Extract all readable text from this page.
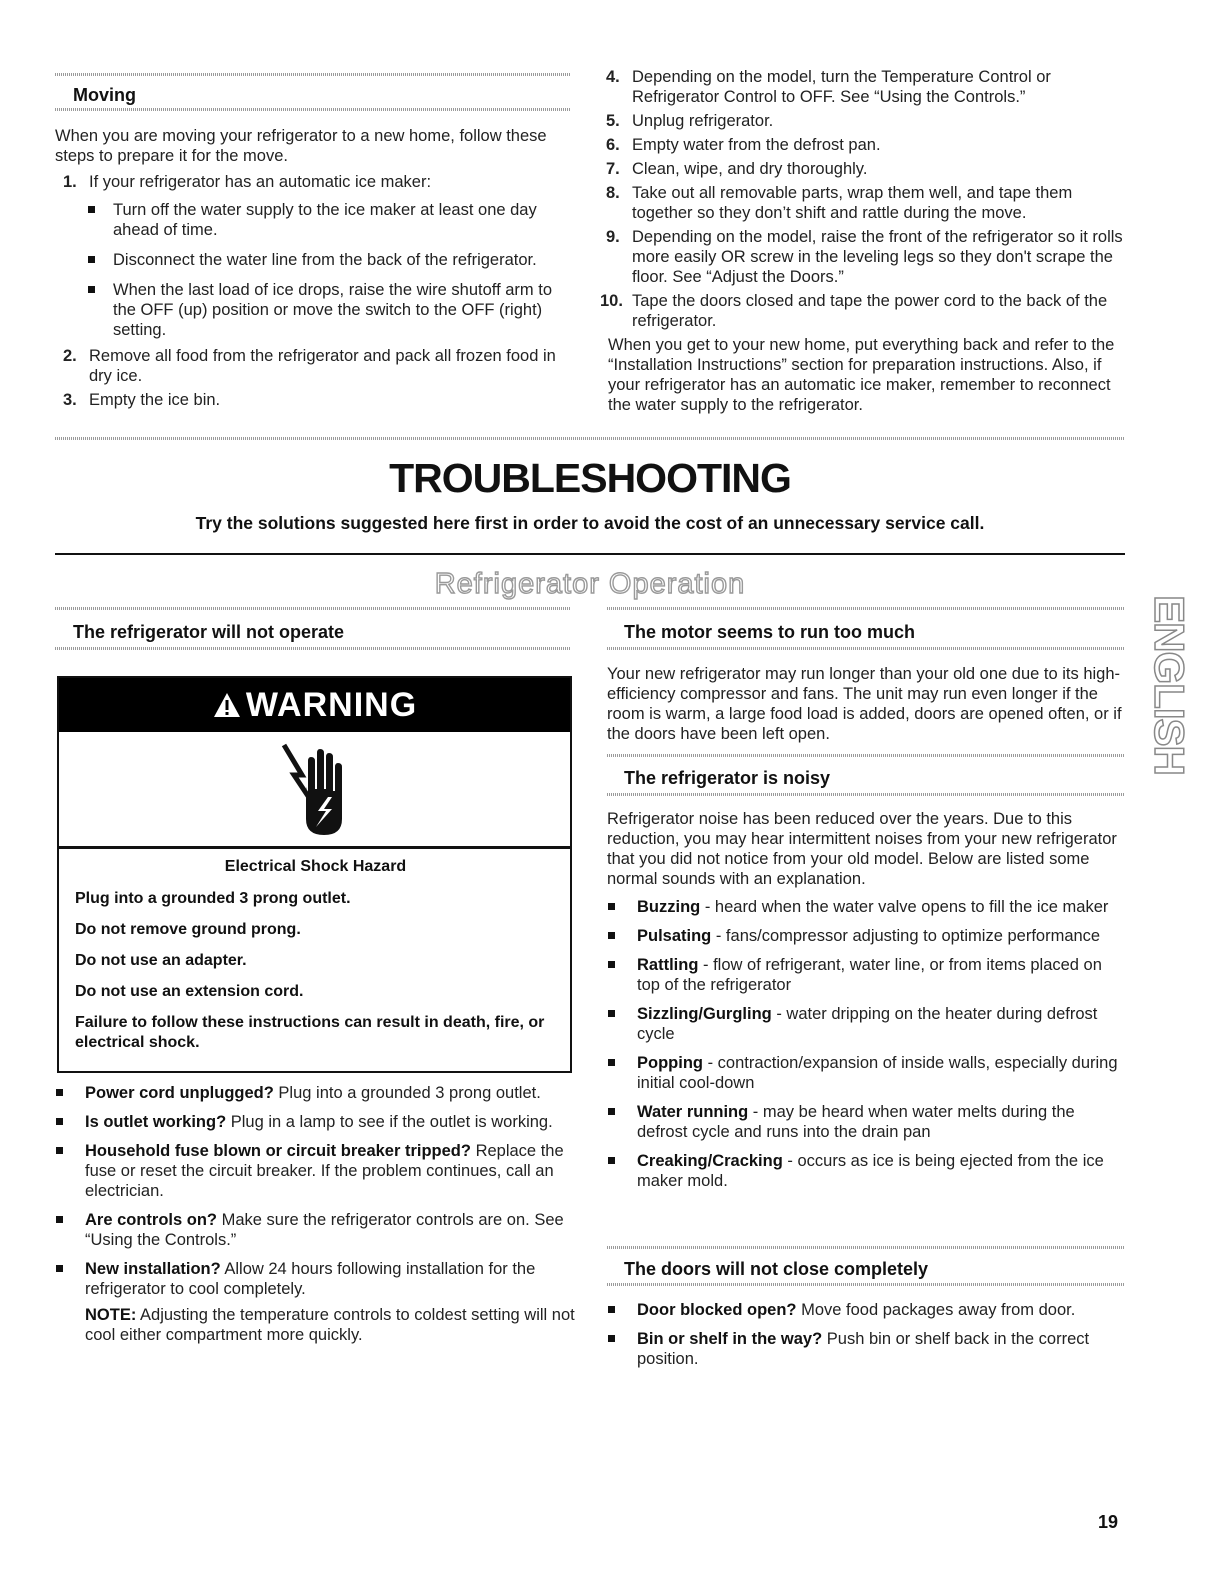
Moving

When you are moving your refrigerator to a new home, follow these steps to prepare it for the move.

1. If your refrigerator has an automatic ice maker:
Turn off the water supply to the ice maker at least one day ahead of time.
Disconnect the water line from the back of the refrigerator.
When the last load of ice drops, raise the wire shutoff arm to the OFF (up) position or move the switch to the OFF (right) setting.
2. Remove all food from the refrigerator and pack all frozen food in dry ice.
3. Empty the ice bin.
4. Depending on the model, turn the Temperature Control or Refrigerator Control to OFF. See “Using the Controls.”
5. Unplug refrigerator.
6. Empty water from the defrost pan.
7. Clean, wipe, and dry thoroughly.
8. Take out all removable parts, wrap them well, and tape them together so they don’t shift and rattle during the move.
9. Depending on the model, raise the front of the refrigerator so it rolls more easily OR screw in the leveling legs so they don't scrape the floor. See “Adjust the Doors.”
10. Tape the doors closed and tape the power cord to the back of the refrigerator.

When you get to your new home, put everything back and refer to the “Installation Instructions” section for preparation instructions. Also, if your refrigerator has an automatic ice maker, remember to reconnect the water supply to the refrigerator.

TROUBLESHOOTING
Try the solutions suggested here first in order to avoid the cost of an unnecessary service call.
Refrigerator Operation
ENGLISH
The refrigerator will not operate
WARNING

Electrical Shock Hazard

Plug into a grounded 3 prong outlet.

Do not remove ground prong.

Do not use an adapter.

Do not use an extension cord.

Failure to follow these instructions can result in death, fire, or electrical shock.

Power cord unplugged? Plug into a grounded 3 prong outlet.
Is outlet working? Plug in a lamp to see if the outlet is working.
Household fuse blown or circuit breaker tripped? Replace the fuse or reset the circuit breaker. If the problem continues, call an electrician.
Are controls on? Make sure the refrigerator controls are on. See “Using the Controls.”
New installation? Allow 24 hours following installation for the refrigerator to cool completely.

NOTE: Adjusting the temperature controls to coldest setting will not cool either compartment more quickly.

The motor seems to run too much
Your new refrigerator may run longer than your old one due to its high-efficiency compressor and fans. The unit may run even longer if the room is warm, a large food load is added, doors are opened often, or if the doors have been left open.
The refrigerator is noisy

Refrigerator noise has been reduced over the years. Due to this reduction, you may hear intermittent noises from your new refrigerator that you did not notice from your old model. Below are listed some normal sounds with an explanation.

Buzzing - heard when the water valve opens to fill the ice maker
Pulsating - fans/compressor adjusting to optimize performance
Rattling - flow of refrigerant, water line, or from items placed on top of the refrigerator
Sizzling/Gurgling - water dripping on the heater during defrost cycle
Popping - contraction/expansion of inside walls, especially during initial cool-down
Water running - may be heard when water melts during the defrost cycle and runs into the drain pan
Creaking/Cracking - occurs as ice is being ejected from the ice maker mold.
The doors will not close completely
Door blocked open? Move food packages away from door.
Bin or shelf in the way? Push bin or shelf back in the correct position.
19
